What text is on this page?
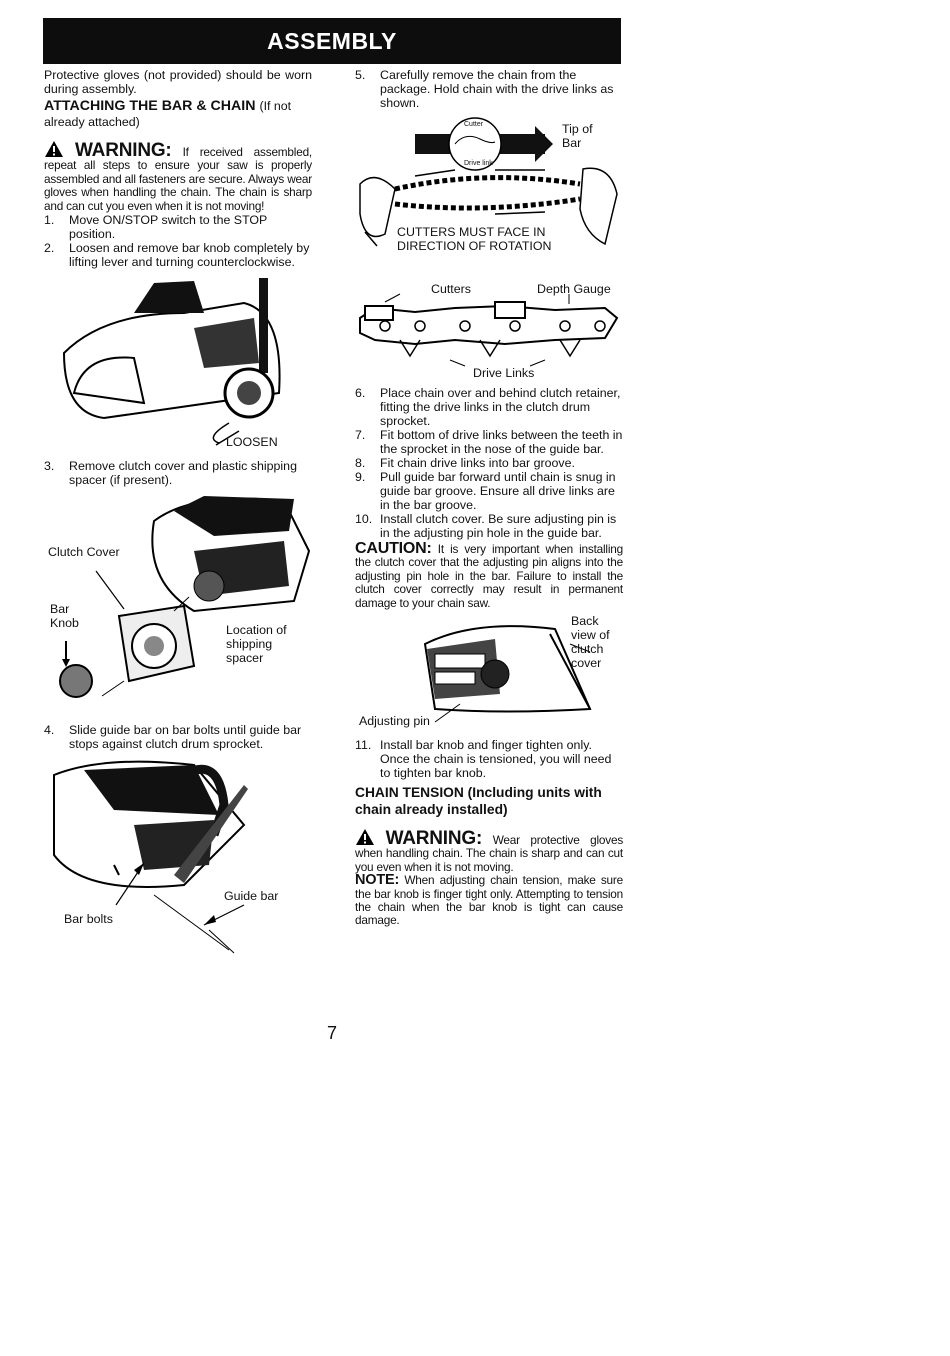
ASSEMBLY

Protective gloves (not provided) should be worn during assembly.

ATTACHING THE BAR & CHAIN (If not already attached)

WARNING: If received assembled, repeat all steps to ensure your saw is properly assembled and all fasteners are secure. Always wear gloves when handling the chain. The chain is sharp and can cut you even when it is not moving!

1. Move ON/STOP switch to the STOP position.
2. Loosen and remove bar knob completely by lifting lever and turning counterclockwise.
LOOSEN
3. Remove clutch cover and plastic shipping spacer (if present).
Clutch Cover
Bar Knob	Location of shipping spacer
4. Slide guide bar on bar bolts until guide bar stops against clutch drum sprocket.
Guide bar
Bar bolts
5. Carefully remove the chain from the package. Hold chain with the drive links as shown.
Cutter
Drive link
Tip of Bar
CUTTERS MUST FACE IN DIRECTION OF ROTATION
Cutters	Depth Gauge
Drive Links
6. Place chain over and behind clutch retainer, fitting the drive links in the clutch drum sprocket.
7. Fit bottom of drive links between the teeth in the sprocket in the nose of the guide bar.
8. Fit chain drive links into bar groove.
9. Pull guide bar forward until chain is snug in guide bar groove. Ensure all drive links are in the bar groove.
10. Install clutch cover. Be sure adjusting pin is in the adjusting pin hole in the guide bar.

CAUTION: It is very important when installing the clutch cover that the adjusting pin aligns into the adjusting pin hole in the bar. Failure to install the clutch cover correctly may result in permanent damage to your chain saw.

Back view of clutch cover
Adjusting pin
11. Install bar knob and finger tighten only. Once the chain is tensioned, you will need to tighten bar knob.

CHAIN TENSION (Including units with chain already installed)

WARNING: Wear protective gloves when handling chain. The chain is sharp and can cut you even when it is not moving.

NOTE: When adjusting chain tension, make sure the bar knob is finger tight only. Attempting to tension the chain when the bar knob is tight can cause damage.

7
